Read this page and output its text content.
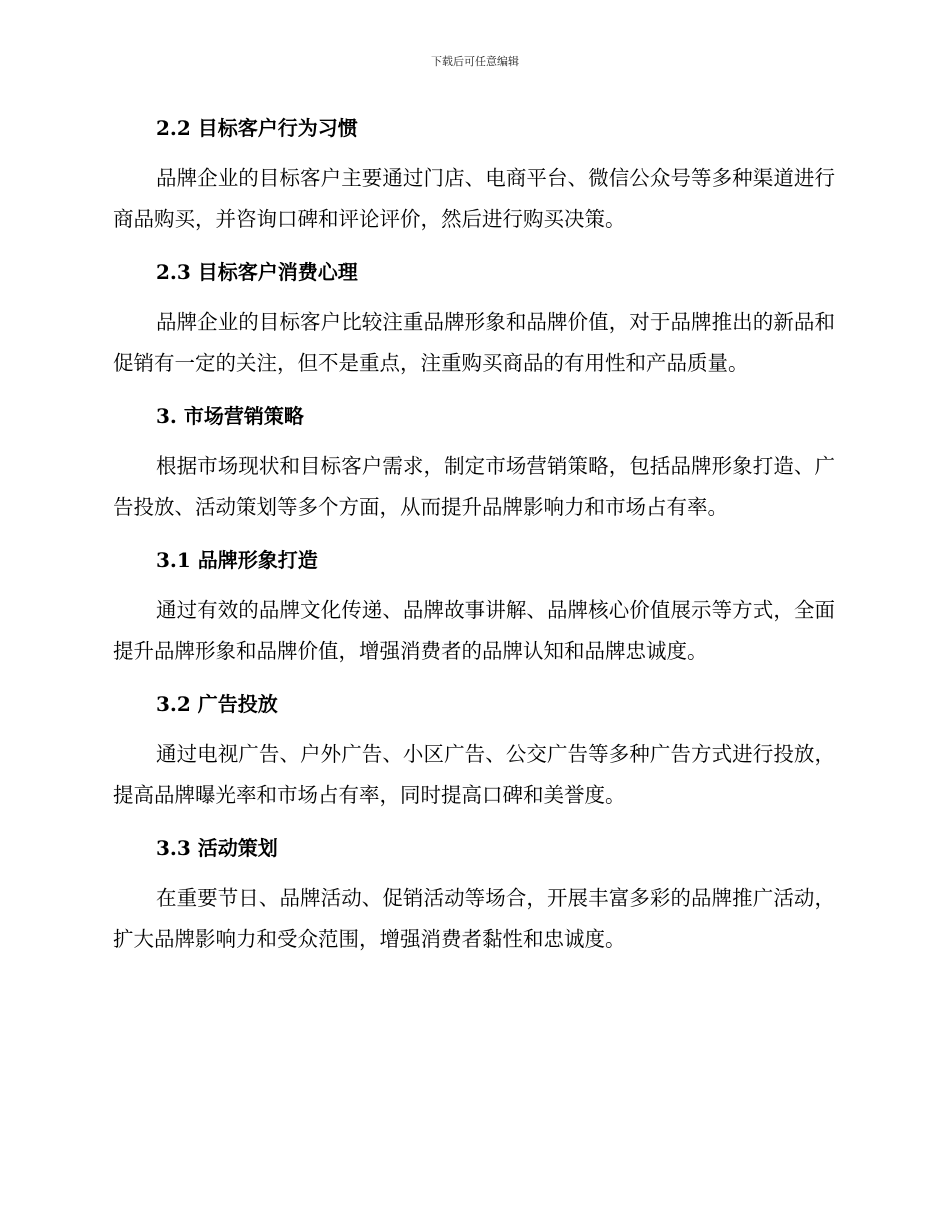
下载后可任意编辑

2.2 目标客户行为习惯

品牌企业的目标客户主要通过门店、电商平台、微信公众号等多种渠道进行商品购买，并咨询口碑和评论评价，然后进行购买决策。

2.3 目标客户消费心理

品牌企业的目标客户比较注重品牌形象和品牌价值，对于品牌推出的新品和促销有一定的关注，但不是重点，注重购买商品的有用性和产品质量。

3. 市场营销策略

根据市场现状和目标客户需求，制定市场营销策略，包括品牌形象打造、广告投放、活动策划等多个方面，从而提升品牌影响力和市场占有率。

3.1 品牌形象打造

通过有效的品牌文化传递、品牌故事讲解、品牌核心价值展示等方式，全面提升品牌形象和品牌价值，增强消费者的品牌认知和品牌忠诚度。

3.2 广告投放

通过电视广告、户外广告、小区广告、公交广告等多种广告方式进行投放，提高品牌曝光率和市场占有率，同时提高口碑和美誉度。

3.3 活动策划

在重要节日、品牌活动、促销活动等场合，开展丰富多彩的品牌推广活动，扩大品牌影响力和受众范围，增强消费者黏性和忠诚度。
